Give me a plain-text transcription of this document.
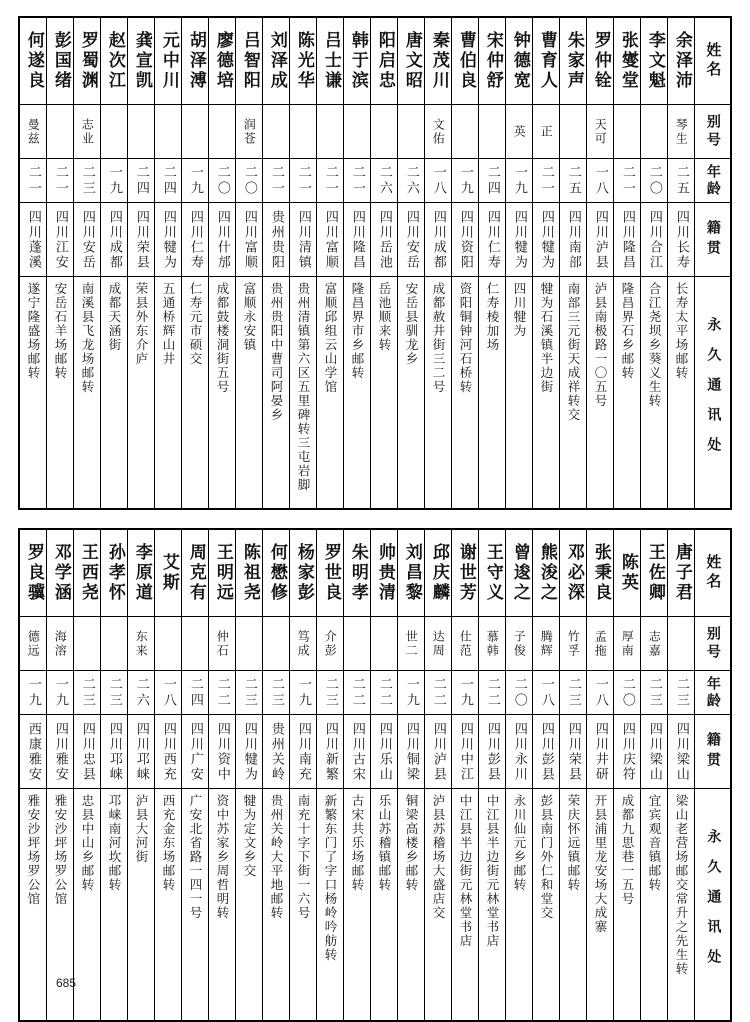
姓名
别号
年龄
籍贯
永久通讯处
余泽沛
琴生
二五
四川长寿
长寿太平场邮转
李文魁
二〇
四川合江
合江尧坝乡葵义生转
张燮堂
二一
四川隆昌
隆昌界石乡邮转
罗仲铨
天可
一八
四川泸县
泸县南极路一〇五号
朱家声
二五
四川南部
南部三元街天成祥转交
曹育人
正
二一
四川犍为
犍为石溪镇半边街
钟德宽
英
一九
四川犍为
四川犍为
宋仲舒
二四
四川仁寿
仁寿棱加场
曹伯良
一九
四川资阳
资阳铜钟河石桥转
秦茂川
文佑
一八
四川成都
成都赦井街三二号
唐文昭
二六
四川安岳
安岳县驯龙乡
阳启忠
二六
四川岳池
岳池顺来转
韩于滨
二一
四川隆昌
隆昌界市乡邮转
吕士谦
二一
四川富顺
富顺邱组云山学馆
陈光华
二一
四川清镇
贵州清镇第六区五里碑转三屯岩脚
刘泽成
二一
贵州贵阳
贵州贵阳中曹司阿晏乡
吕智阳
润苍
二〇
四川富顺
富顺永安镇
廖德培
二〇
四川什邡
成都鼓楼洞街五号
胡泽溥
一九
四川仁寿
仁寿元市硕交
元中川
二四
四川犍为
五通桥辉山井
龚宣凯
二四
四川荣县
荣县外东介庐
赵次江
一九
四川成都
成都天涵街
罗蜀渊
志业
二三
四川安岳
南溪县飞龙场邮转
彭国绪
二一
四川江安
安岳石羊场邮转
何遂良
曼兹
二一
四川蓬溪
遂宁隆盛场邮转
姓名
别号
年龄
籍贯
永久通讯处
唐子君
二三
四川梁山
梁山老营场邮交常升之先生转
王佐卿
志嘉
二三
四川梁山
宜宾观音镇邮转
陈英
厚南
二〇
四川庆符
成都九思巷一五号
张秉良
孟拖
一八
四川井研
开县浦里龙安场大成寨
邓必深
竹孚
二三
四川荣县
荣庆怀远镇邮转
熊浚之
腾辉
一八
四川彭县
彭县南门外仁和堂交
曾逡之
子俊
二〇
四川永川
永川仙元乡邮转
王守义
慕韩
二二
四川彭县
中江县半边街元林堂书店
谢世芳
仕范
一九
四川中江
中江县半边街元林堂书店
邱庆麟
达周
二二
四川泸县
泸县苏稽场大盛店交
刘昌黎
世二
一九
四川铜梁
铜梁高楼乡邮转
帅贵清
二二
四川乐山
乐山苏稽镇邮转
朱明孝
二二
四川古宋
古宋共乐场邮转
罗世良
介彭
二三
四川新繁
新繁东门了字口杨岭吟舫转
杨家彭
笃成
一九
四川南充
南充十字下街一六号
何懋修
二三
贵州关岭
贵州关岭大平地邮转
陈祖尧
二三
四川犍为
犍为定文乡交
王明远
仲石
二二
四川资中
资中苏家乡周哲明转
周克有
二四
四川广安
广安北省路一四一号
艾斯
一八
四川西充
西充金东场邮转
李原道
东来
二六
四川邛崃
泸县大河街
孙孝怀
二三
四川邛崃
邛崃南河坎邮转
王西尧
二三
四川忠县
忠县中山乡邮转
邓学涵
海溶
一九
四川雅安
雅安沙坪场罗公馆
罗良骥
德远
一九
西康雅安
雅安沙坪场罗公馆
685
